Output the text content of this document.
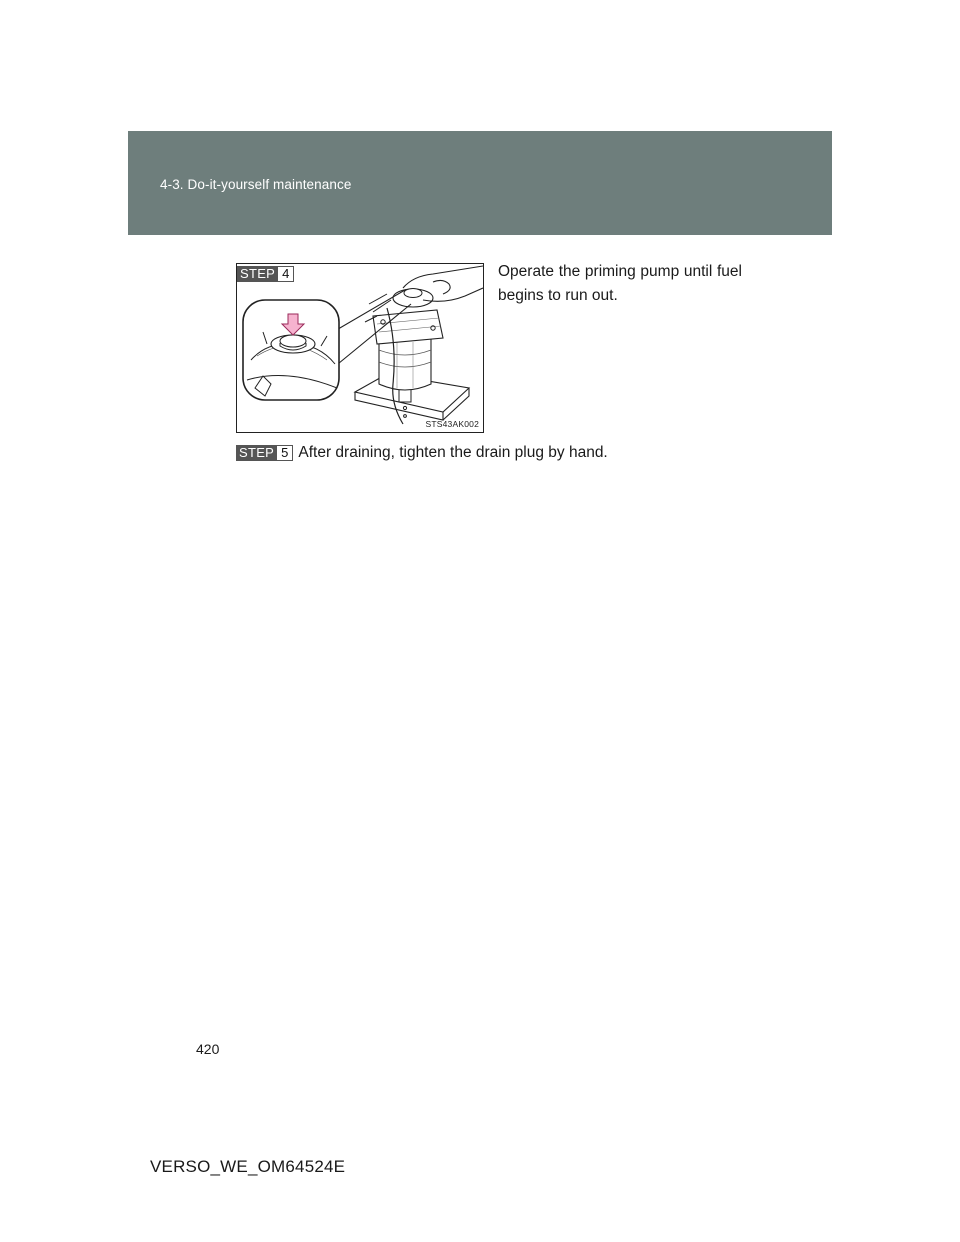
4-3. Do-it-yourself maintenance
STEP 4
STS43AK002
Operate the priming pump until fuel begins to run out.
STEP 5 After draining, tighten the drain plug by hand.
420
VERSO_WE_OM64524E
